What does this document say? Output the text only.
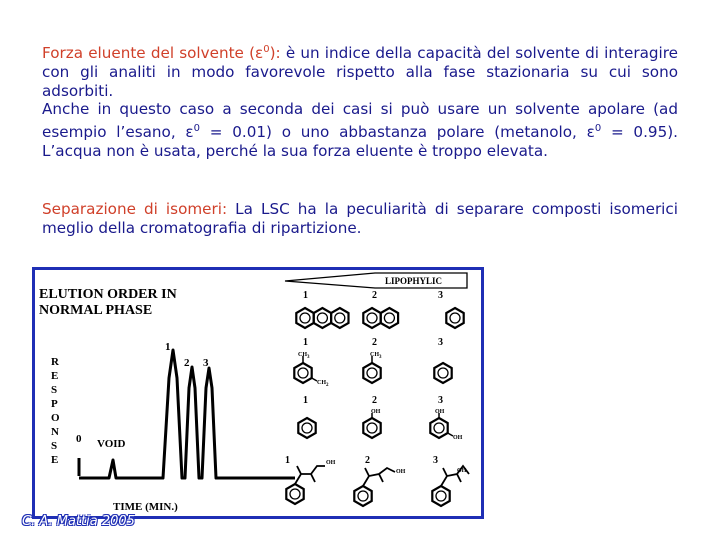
Forza eluente del solvente $(\varepsilon^0)$: è un indice della capacità del solvente di interagire con gli analiti in modo favorevole rispetto alla fase stazionaria su cui sono adsorbiti.
Anche in questo caso a seconda dei casi si può usare un solvente apolare (ad esempio l’esano, $\varepsilon^0 = 0.01$) o uno abbastanza polare (metanolo, $\varepsilon^0 = 0.95$). L’acqua non è usata, perché la sua forza eluente è troppo elevata.
Separazione di isomeri: La LSC ha la peculiarità di separare composti isomerici meglio della cromatografia di ripartizione.
ELUTION ORDER IN
NORMAL PHASE
LIPOPHYLIC
R
E
S
P
O
N
S
E
0 VOID
1
2 3
TIME (MIN.)
1	2	3
1	2	3
$CH_3$
$CH_2$
$CH_3$
1	2	3
OH	OH
OH
1	2	3
OH
OH	OH
C. A. Mattia 2005
